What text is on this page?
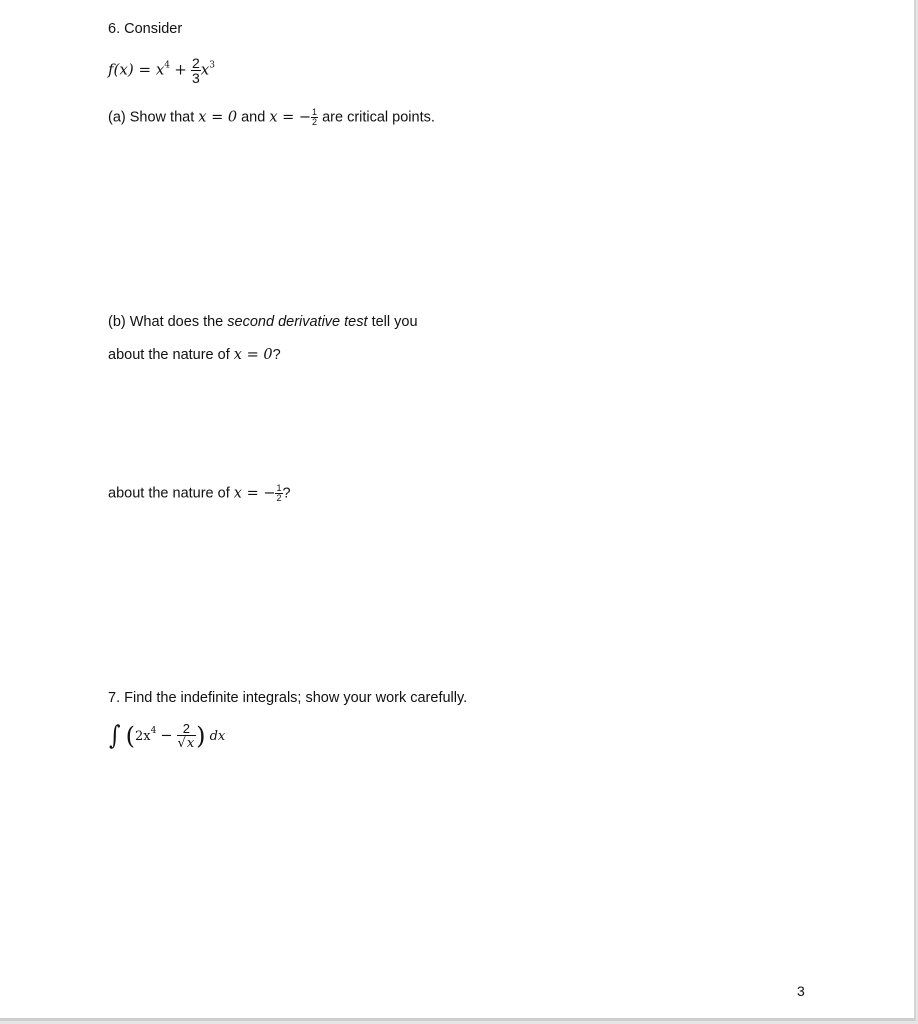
6. Consider
$f(x) = x^4 + \frac{2}{3} x^3$
(a) Show that x = 0 and x = − $\frac{1}{2}$ are critical points.
(b) What does the second derivative test tell you
about the nature of x = 0?
about the nature of x = − $\frac{1}{2}$ ?
7. Find the indefinite integrals; show your work carefully.
∫ ($2x^4 - \frac{2}{√x}$ ) dx
3
